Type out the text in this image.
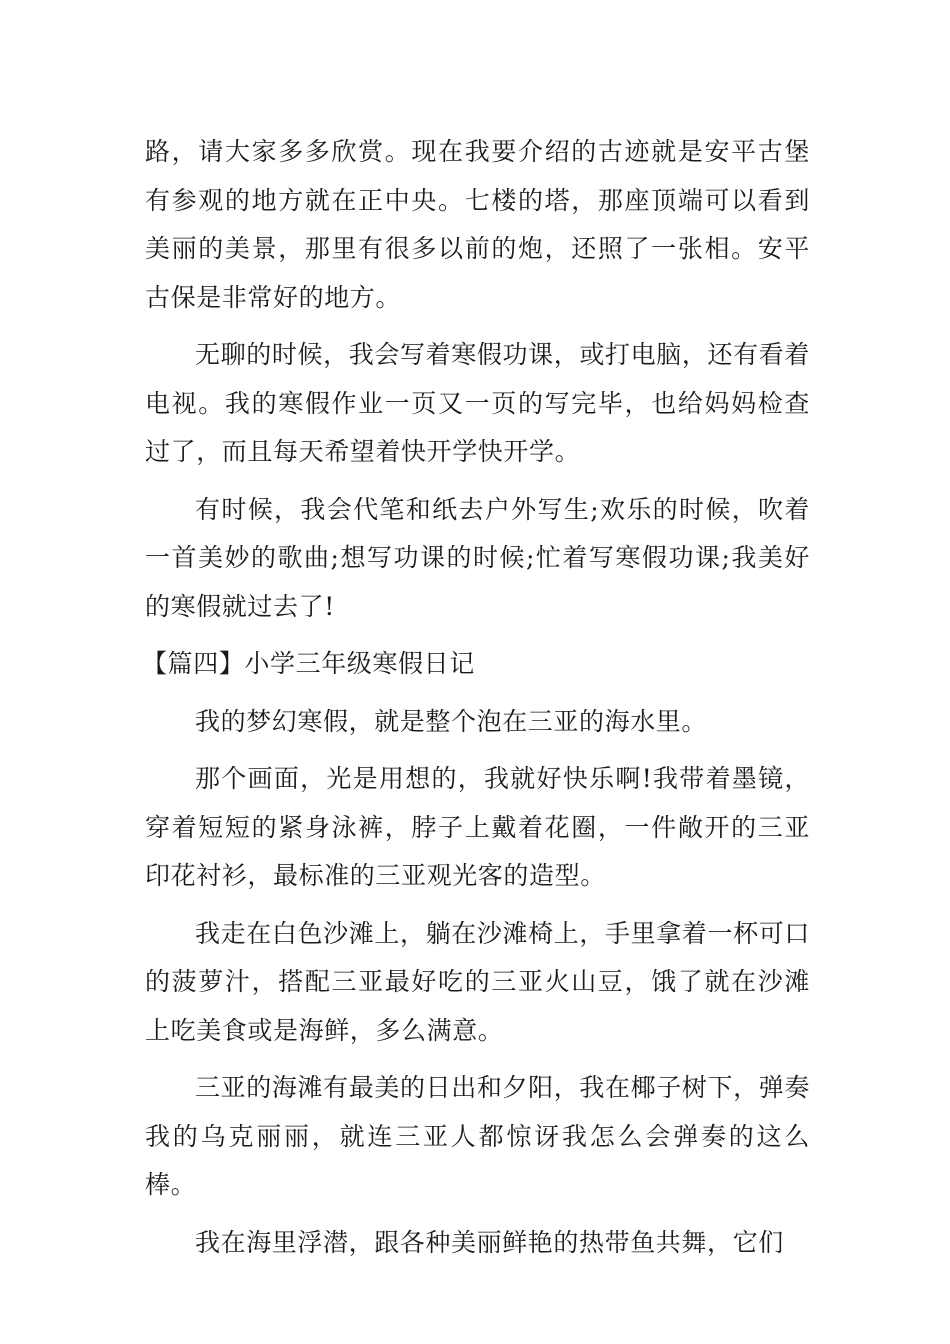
路，请大家多多欣赏。现在我要介绍的古迹就是安平古堡有参观的地方就在正中央。七楼的塔，那座顶端可以看到美丽的美景，那里有很多以前的炮，还照了一张相。安平古保是非常好的地方。

无聊的时候，我会写着寒假功课，或打电脑，还有看着电视。我的寒假作业一页又一页的写完毕，也给妈妈检查过了，而且每天希望着快开学快开学。

有时候，我会代笔和纸去户外写生;欢乐的时候，吹着一首美妙的歌曲;想写功课的时候;忙着写寒假功课;我美好的寒假就过去了!

【篇四】小学三年级寒假日记

我的梦幻寒假，就是整个泡在三亚的海水里。

那个画面，光是用想的，我就好快乐啊!我带着墨镜，穿着短短的紧身泳裤，脖子上戴着花圈，一件敞开的三亚印花衬衫，最标准的三亚观光客的造型。

我走在白色沙滩上，躺在沙滩椅上，手里拿着一杯可口的菠萝汁，搭配三亚最好吃的三亚火山豆，饿了就在沙滩上吃美食或是海鲜，多么满意。

三亚的海滩有最美的日出和夕阳，我在椰子树下，弹奏我的乌克丽丽，就连三亚人都惊讶我怎么会弹奏的这么棒。

我在海里浮潜，跟各种美丽鲜艳的热带鱼共舞，它们
